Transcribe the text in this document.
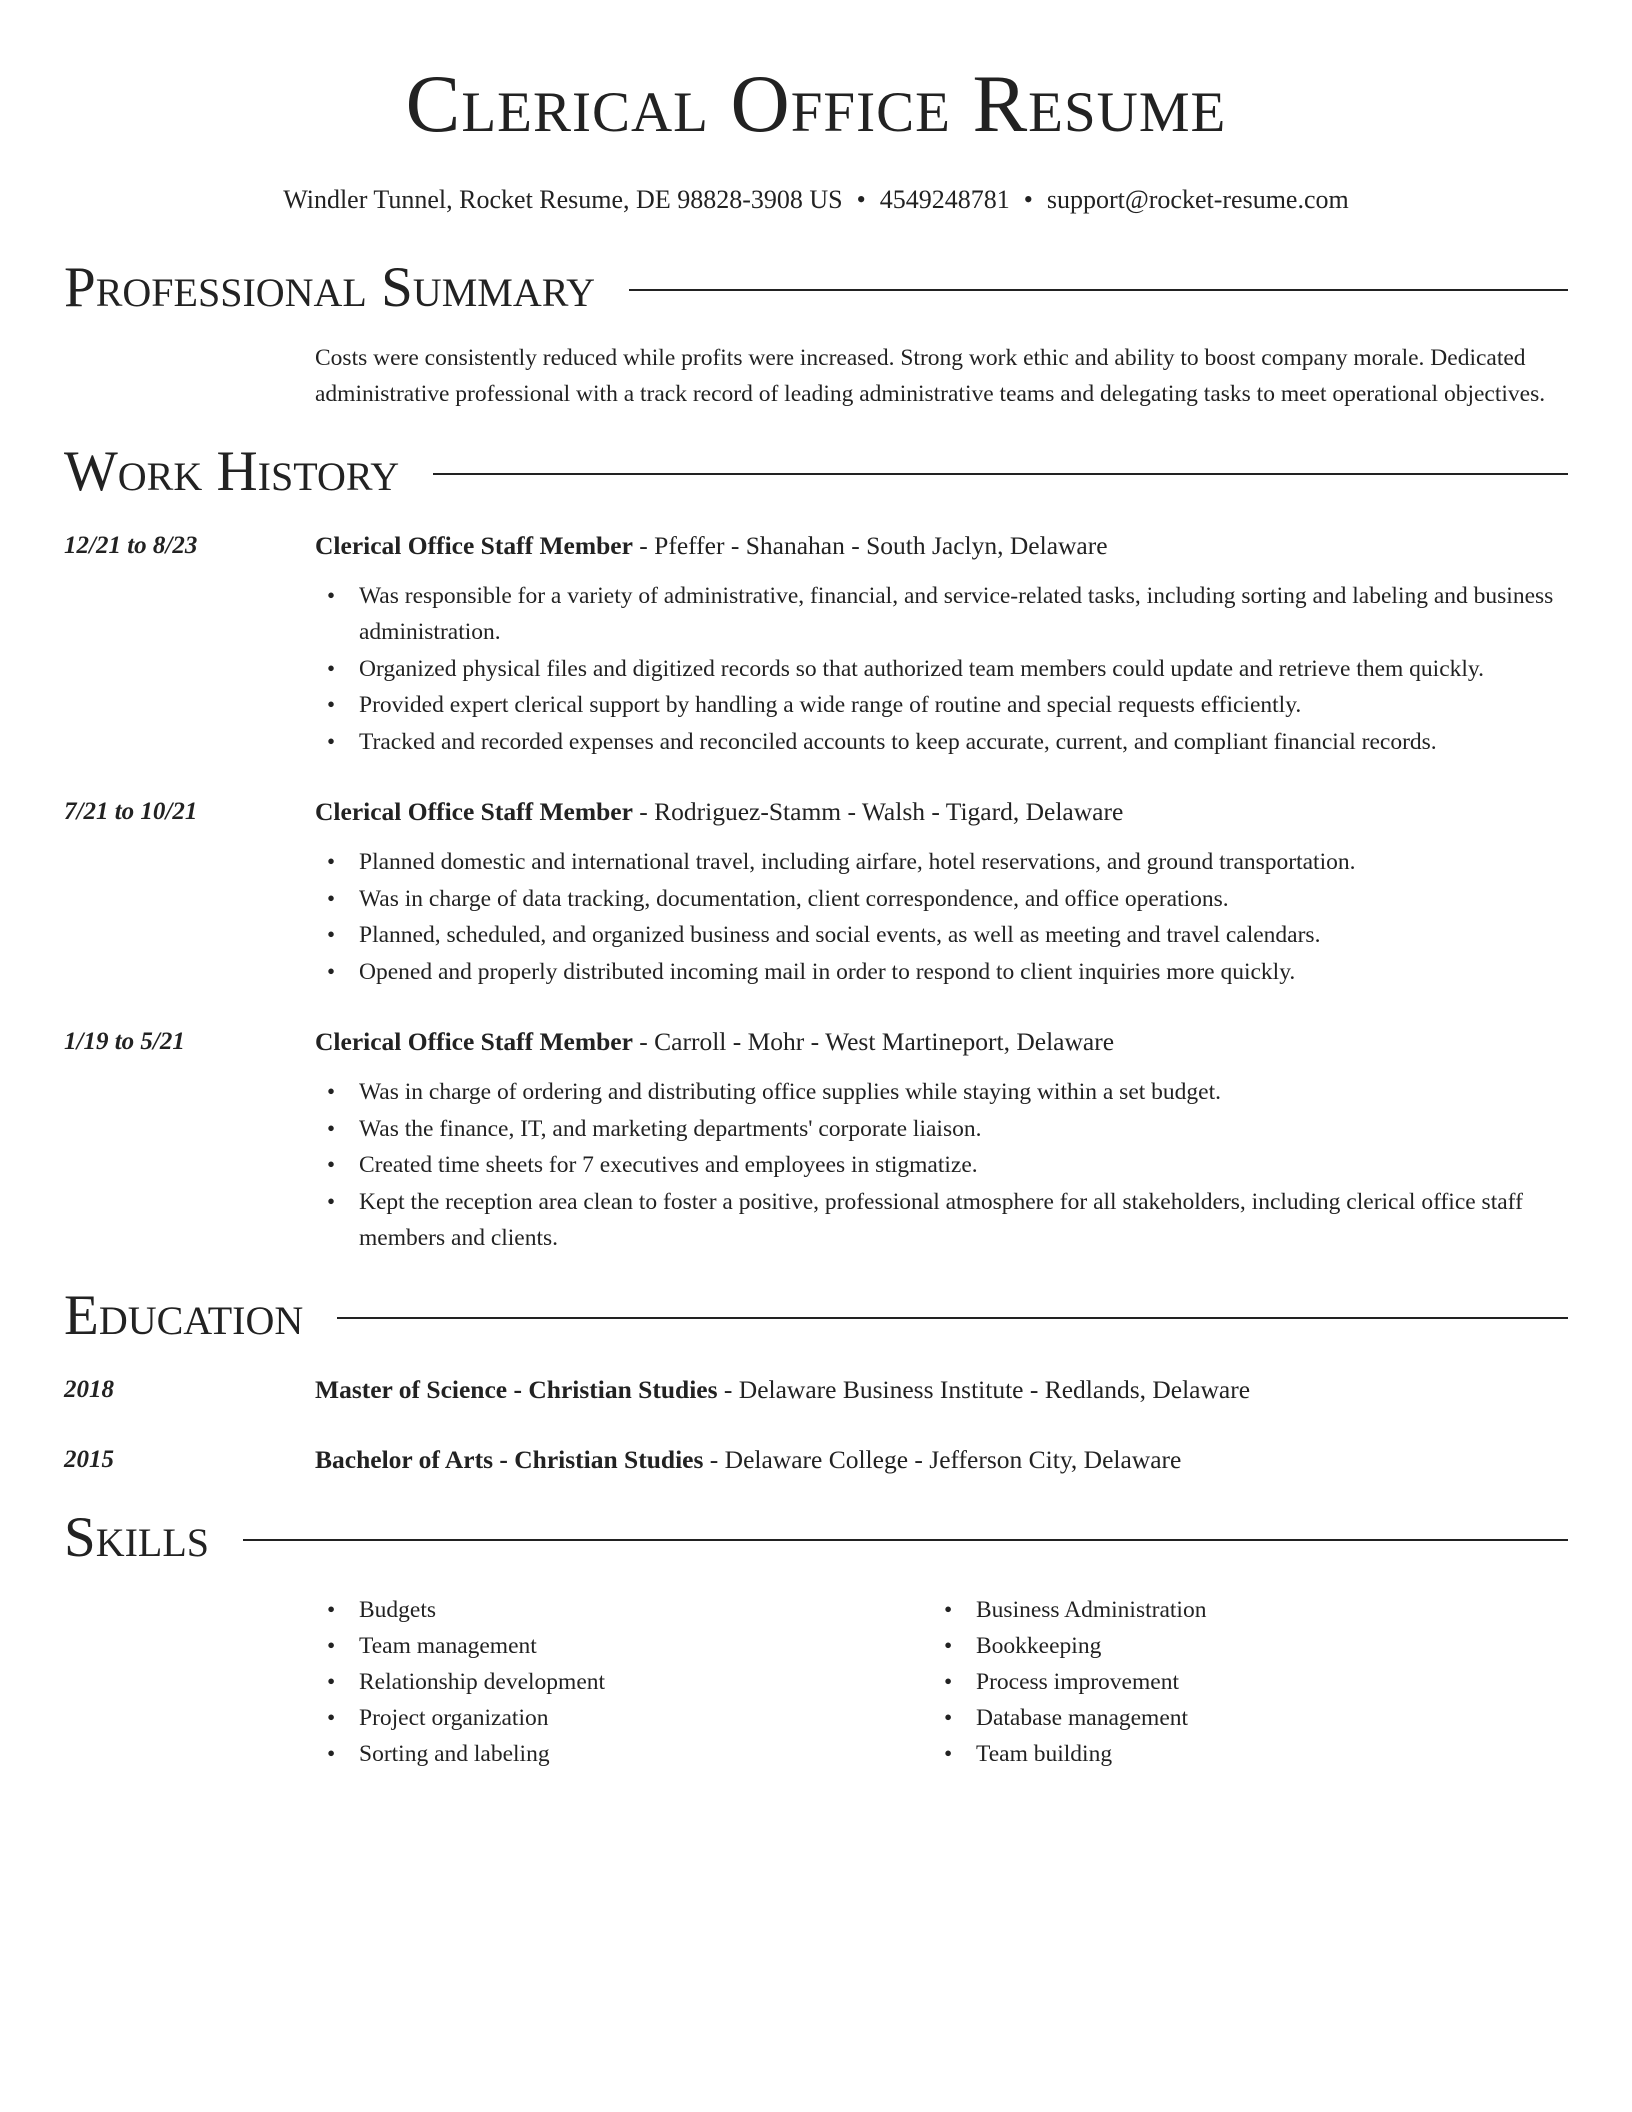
Clerical Office Resume
Windler Tunnel, Rocket Resume, DE 98828-3908 US • 4549248781 • support@rocket-resume.com
Professional Summary

Costs were consistently reduced while profits were increased. Strong work ethic and ability to boost company morale. Dedicated administrative professional with a track record of leading administrative teams and delegating tasks to meet operational objectives.

Work History
12/21 to 8/23	Clerical Office Staff Member - Pfeffer - Shanahan - South Jaclyn, Delaware
• Was responsible for a variety of administrative, financial, and service-related tasks, including sorting and labeling and business administration.
• Organized physical files and digitized records so that authorized team members could update and retrieve them quickly.
• Provided expert clerical support by handling a wide range of routine and special requests efficiently.
• Tracked and recorded expenses and reconciled accounts to keep accurate, current, and compliant financial records.
7/21 to 10/21	Clerical Office Staff Member - Rodriguez-Stamm - Walsh - Tigard, Delaware
• Planned domestic and international travel, including airfare, hotel reservations, and ground transportation.
• Was in charge of data tracking, documentation, client correspondence, and office operations.
• Planned, scheduled, and organized business and social events, as well as meeting and travel calendars.
• Opened and properly distributed incoming mail in order to respond to client inquiries more quickly.
1/19 to 5/21	Clerical Office Staff Member - Carroll - Mohr - West Martineport, Delaware
• Was in charge of ordering and distributing office supplies while staying within a set budget.
• Was the finance, IT, and marketing departments' corporate liaison.
• Created time sheets for 7 executives and employees in stigmatize.
• Kept the reception area clean to foster a positive, professional atmosphere for all stakeholders, including clerical office staff members and clients.
Education
2018	Master of Science - Christian Studies - Delaware Business Institute - Redlands, Delaware
2015	Bachelor of Arts - Christian Studies - Delaware College - Jefferson City, Delaware
Skills
• Budgets
• Team management
• Relationship development
• Project organization
• Sorting and labeling
• Business Administration
• Bookkeeping
• Process improvement
• Database management
• Team building
